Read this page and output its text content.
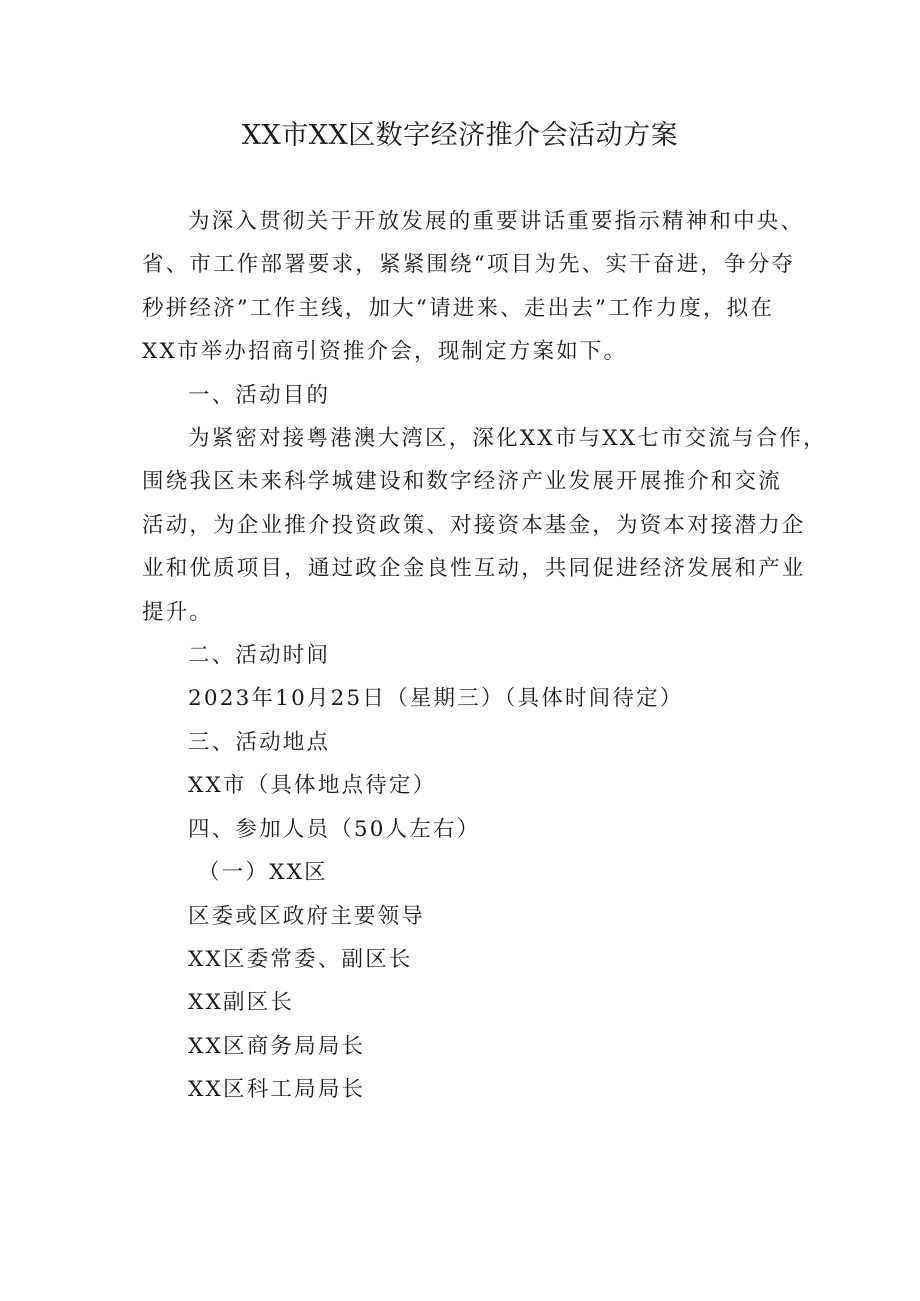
XX市XX区数字经济推介会活动方案

为深入贯彻关于开放发展的重要讲话重要指示精神和中央、
省、市工作部署要求，紧紧围绕“项目为先、实干奋进，争分夺
秒拼经济”工作主线，加大“请进来、走出去”工作力度，拟在
XX市举办招商引资推介会，现制定方案如下。

一、活动目的

为紧密对接粤港澳大湾区，深化XX市与XX七市交流与合作，
围绕我区未来科学城建设和数字经济产业发展开展推介和交流
活动，为企业推介投资政策、对接资本基金，为资本对接潜力企
业和优质项目，通过政企金良性互动，共同促进经济发展和产业
提升。

二、活动时间

2023年10月25日（星期三）（具体时间待定）

三、活动地点

XX市（具体地点待定）

四、参加人员（50人左右）

（一）XX区

区委或区政府主要领导

XX区委常委、副区长

XX副区长

XX区商务局局长

XX区科工局局长
